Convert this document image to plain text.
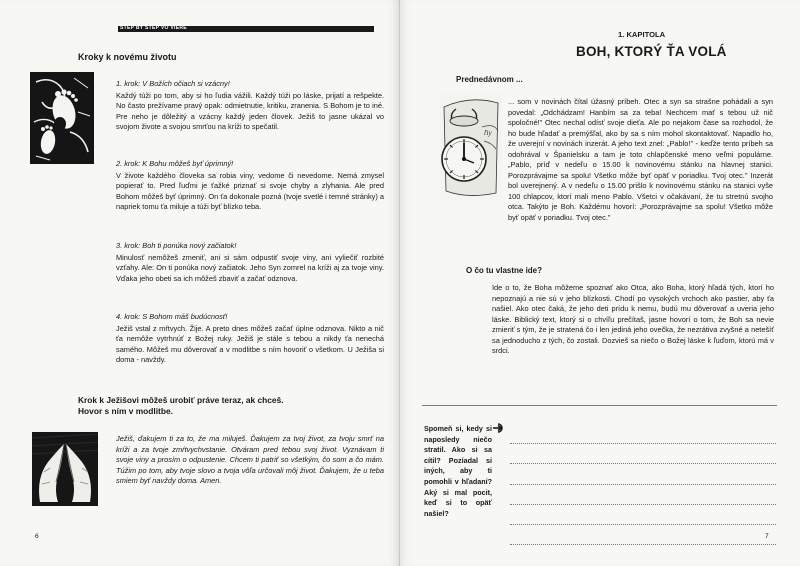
STEP BY STEP VO VIERE
Kroky k novému životu
1. krok: V Božích očiach si vzácny!
Každý túži po tom, aby si ho ľudia vážili. Každý túži po láske, prijatí a rešpekte. No často prežívame pravý opak: odmietnutie, kritiku, zranenia. S Bohom je to iné. Pre neho je dôležitý a vzácny každý jeden človek. Ježiš to jasne ukázal vo svojom živote a svojou smrťou na kríži to spečatil.
2. krok: K Bohu môžeš byť úprimný!
V živote každého človeka sa robia viny, vedome či nevedome. Nemá zmysel popierať to. Pred ľuďmi je ťažké priznať si svoje chyby a zlyhania. Ale pred Bohom môžeš byť úprimný. On ťa dokonale pozná (tvoje svetlé i temné stránky) a napriek tomu ťa miluje a túži byť blízko teba.
3. krok: Boh ti ponúka nový začiatok!
Minulosť nemôžeš zmeniť, ani si sám odpustiť svoje viny, ani vyliečiť rozbité vzťahy. Ale: On ti ponúka nový začiatok. Jeho Syn zomrel na kríži aj za tvoje viny. Vďaka jeho obeti sa ich môžeš zbaviť a začať odznova.
4. krok: S Bohom máš budúcnosť!
Ježiš vstal z mŕtvych. Žije. A preto dnes môžeš začať úplne odznova. Nikto a nič ťa nemôže vytrhnúť z Božej ruky. Ježiš je stále s tebou a nikdy ťa nenechá samého. Môžeš mu dôverovať a v modlitbe s ním hovoriť o všetkom. U Ježiša si doma - navždy.
Krok k Ježišovi môžeš urobiť práve teraz, ak chceš.
Hovor s ním v modlitbe.
Ježiš, ďakujem ti za to, že ma miluješ. Ďakujem za tvoj život, za tvoju smrť na kríži a za tvoje zmŕtvychvstanie. Otváram pred tebou svoj život. Vyznávam ti svoje viny a prosím o odpustenie. Chcem ti patriť so všetkým, čo som a čo mám. Túžim po tom, aby tvoje slovo a tvoja vôľa určovali môj život. Ďakujem, že u teba smiem byť navždy doma. Amen.
6
1. KAPITOLA
BOH, KTORÝ ŤA VOLÁ
Prednedávnom ...
ľiy
... som v novinách čítal úžasný príbeh. Otec a syn sa strašne pohádali a syn povedal: „Odchádzam! Hanbím sa za teba! Nechcem mať s tebou už nič spoločné!" Otec nechal odísť svoje dieťa. Ale po nejakom čase sa rozhodol, že ho bude hľadať a premýšľal, ako by sa s ním mohol skontaktovať. Napadlo ho, že uverejní v novinách inzerát. A jeho text znel: „Pablo!" - keďže tento príbeh sa odohrával v Španielsku a tam je toto chlapčenské meno veľmi populárne. „Pablo, príď v nedeľu o 15.00 k novinovému stánku na hlavnej stanici. Porozprávajme sa spolu! Všetko môže byť opäť v poriadku. Tvoj otec." Inzerát bol uverejnený. A v nedeľu o 15.00 prišlo k novinovému stánku na stanici vyše 100 chlapcov, ktorí mali meno Pablo. Všetci v očakávaní, že tu stretnú svojho otca. Takýto je Boh. Každému hovorí: „Porozprávajme sa spolu! Všetko môže byť opäť v poriadku. Tvoj otec."
O čo tu vlastne ide?
Ide o to, že Boha môžeme spoznať ako Otca, ako Boha, ktorý hľadá tých, ktorí ho nepoznajú a nie sú v jeho blízkosti. Chodí po vysokých vrchoch ako pastier, aby ťa našiel. Ako otec čaká, že jeho deti prídu k nemu, budú mu dôverovať a uveria jeho láske. Biblický text, ktorý si o chvíľu prečítaš, jasne hovorí o tom, že Boh sa nevie zmieriť s tým, že je stratená čo i len jediná jeho ovečka, že nezrátiva zvyšné a netešíť sa jednoducho z tých, čo zostali. Dozvieš sa niečo o Božej láske k ľuďom, ktorú má v srdci.
Spomeň si, kedy si naposledy niečo stratil. Ako si sa cítil? Pozíadal si iných, aby ti pomohli v hľadaní? Aký si mal pocit, keď si to opäť našiel?
7
